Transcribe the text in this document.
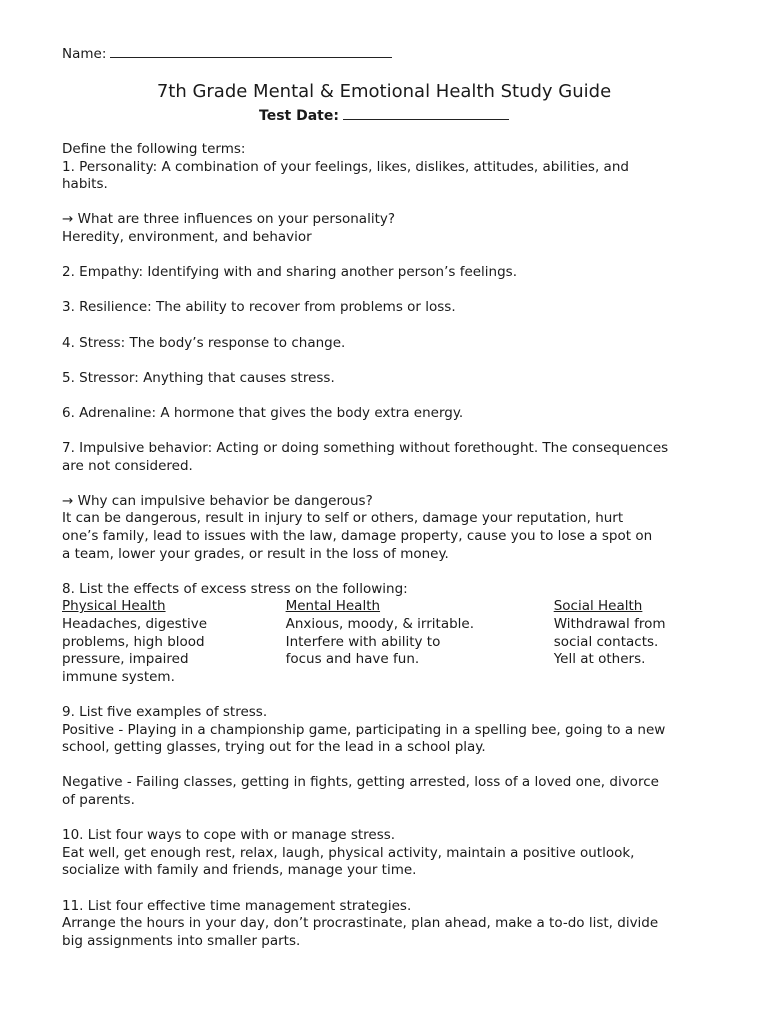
Name:
7th Grade Mental & Emotional Health Study Guide
Test Date:

Define the following terms:

1. Personality: A combination of your feelings, likes, dislikes, attitudes, abilities, and

habits.

→ What are three influences on your personality?

Heredity, environment, and behavior

2. Empathy: Identifying with and sharing another person’s feelings.

3. Resilience: The ability to recover from problems or loss.

4. Stress: The body’s response to change.

5. Stressor: Anything that causes stress.

6. Adrenaline: A hormone that gives the body extra energy.

7. Impulsive behavior: Acting or doing something without forethought. The consequences

are not considered.

→ Why can impulsive behavior be dangerous?

It can be dangerous, result in injury to self or others, damage your reputation, hurt

one’s family, lead to issues with the law, damage property, cause you to lose a spot on

a team, lower your grades, or result in the loss of money.

8. List the effects of excess stress on the following:

Physical Health

Headaches, digestive

problems, high blood

pressure, impaired

immune system.

Mental Health

Anxious, moody, & irritable.

Interfere with ability to

focus and have fun.

Social Health

Withdrawal from

social contacts.

Yell at others.

9. List five examples of stress.

Positive - Playing in a championship game, participating in a spelling bee, going to a new

school, getting glasses, trying out for the lead in a school play.

Negative - Failing classes, getting in fights, getting arrested, loss of a loved one, divorce

of parents.

10. List four ways to cope with or manage stress.

Eat well, get enough rest, relax, laugh, physical activity, maintain a positive outlook,

socialize with family and friends, manage your time.

11. List four effective time management strategies.

Arrange the hours in your day, don’t procrastinate, plan ahead, make a to-do list, divide

big assignments into smaller parts.
